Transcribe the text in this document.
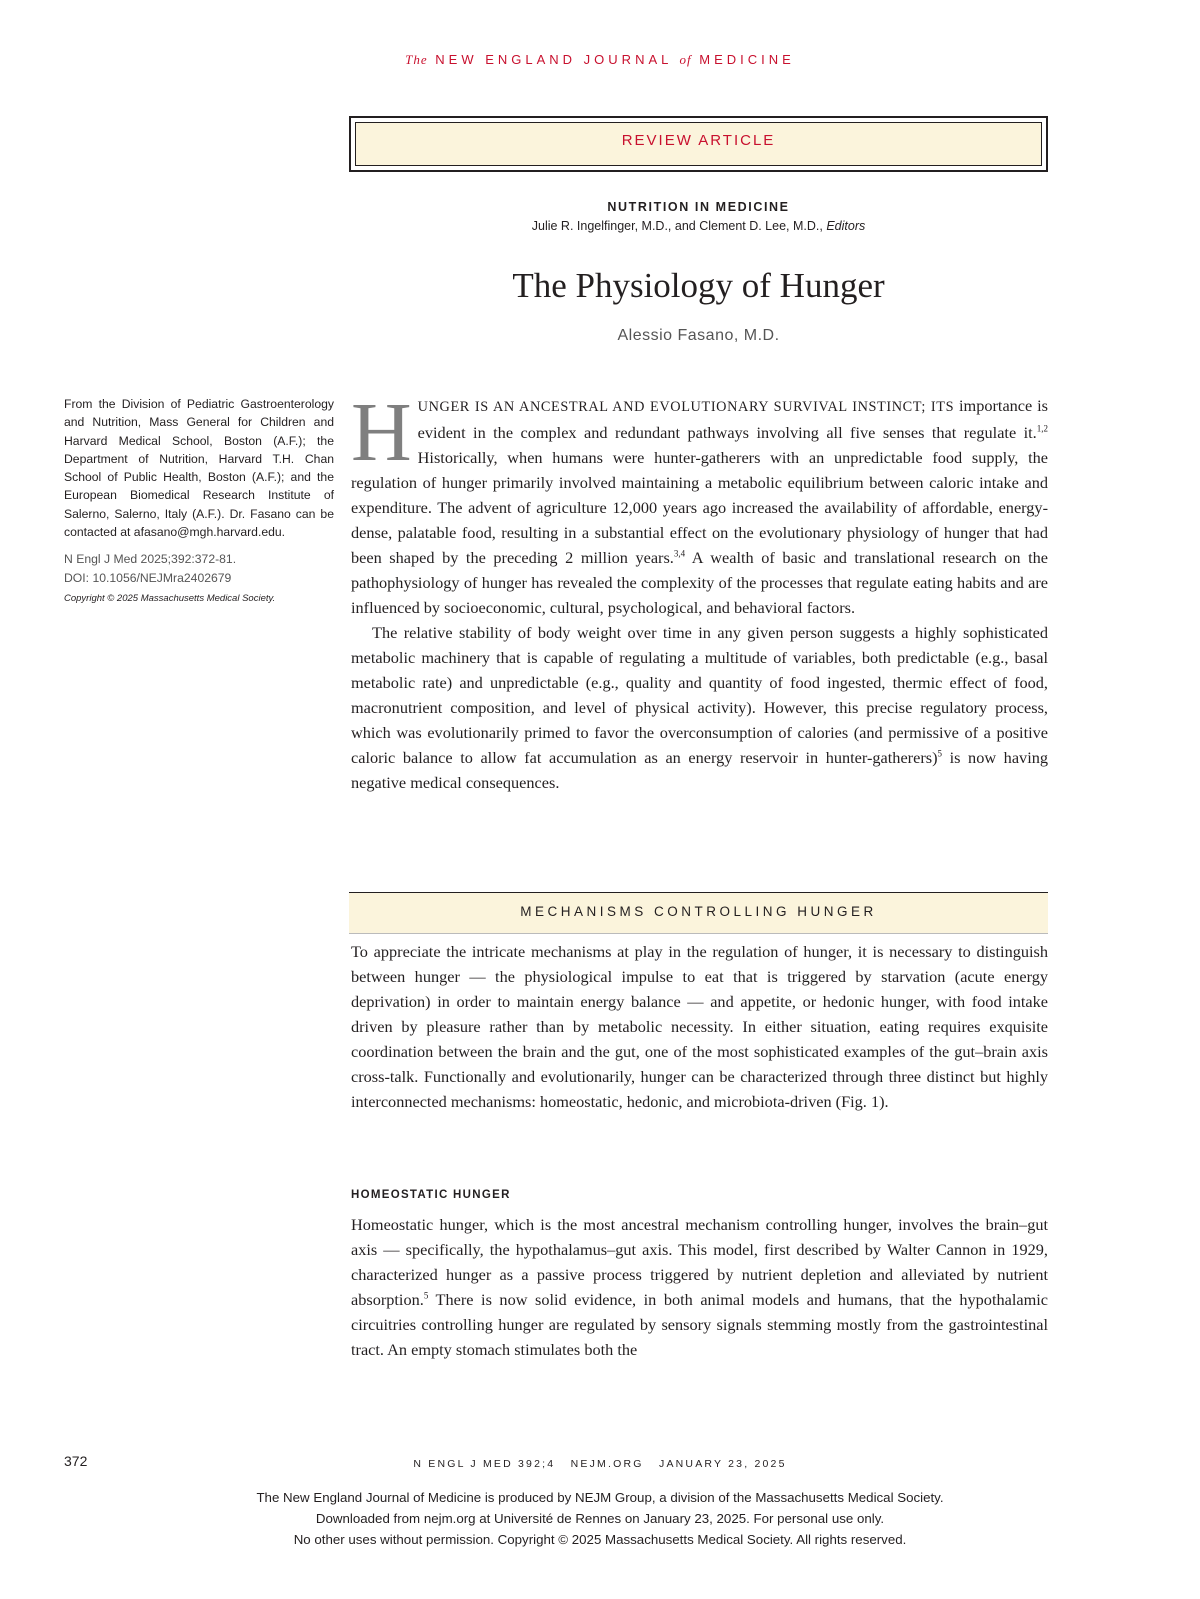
The NEW ENGLAND JOURNAL of MEDICINE
REVIEW ARTICLE
NUTRITION IN MEDICINE
Julie R. Ingelfinger, M.D., and Clement D. Lee, M.D., Editors
The Physiology of Hunger
Alessio Fasano, M.D.

From the Division of Pediatric Gastroenterology and Nutrition, Mass General for Children and Harvard Medical School, Boston (A.F.); the Department of Nutrition, Harvard T.H. Chan School of Public Health, Boston (A.F.); and the European Biomedical Research Institute of Salerno, Salerno, Italy (A.F.). Dr. Fasano can be contacted at afasano@mgh.harvard.edu.

N Engl J Med 2025;392:372-81.

DOI: 10.1056/NEJMra2402679

Copyright © 2025 Massachusetts Medical Society.

HUNGER IS AN ANCESTRAL AND EVOLUTIONARY SURVIVAL INSTINCT; ITS importance is evident in the complex and redundant pathways involving all five senses that regulate it.$^{1,2}$ Historically, when humans were hunter-gatherers with an unpredictable food supply, the regulation of hunger primarily involved maintaining a metabolic equilibrium between caloric intake and expenditure. The advent of agriculture 12,000 years ago increased the availability of affordable, energy-dense, palatable food, resulting in a substantial effect on the evolutionary physiology of hunger that had been shaped by the preceding 2 million years.$^{3,4}$ A wealth of basic and translational research on the pathophysiology of hunger has revealed the complexity of the processes that regulate eating habits and are influenced by socioeconomic, cultural, psychological, and behavioral factors.

The relative stability of body weight over time in any given person suggests a highly sophisticated metabolic machinery that is capable of regulating a multitude of variables, both predictable (e.g., basal metabolic rate) and unpredictable (e.g., quality and quantity of food ingested, thermic effect of food, macronutrient composition, and level of physical activity). However, this precise regulatory process, which was evolutionarily primed to favor the overconsumption of calories (and permissive of a positive caloric balance to allow fat accumulation as an energy reservoir in hunter-gatherers)$^5$ is now having negative medical consequences.

MECHANISMS CONTROLLING HUNGER

To appreciate the intricate mechanisms at play in the regulation of hunger, it is necessary to distinguish between hunger — the physiological impulse to eat that is triggered by starvation (acute energy deprivation) in order to maintain energy balance — and appetite, or hedonic hunger, with food intake driven by pleasure rather than by metabolic necessity. In either situation, eating requires exquisite coordination between the brain and the gut, one of the most sophisticated examples of the gut–brain axis cross-talk. Functionally and evolutionarily, hunger can be characterized through three distinct but highly interconnected mechanisms: homeostatic, hedonic, and microbiota-driven (Fig. 1).

HOMEOSTATIC HUNGER

Homeostatic hunger, which is the most ancestral mechanism controlling hunger, involves the brain–gut axis — specifically, the hypothalamus–gut axis. This model, first described by Walter Cannon in 1929, characterized hunger as a passive process triggered by nutrient depletion and alleviated by nutrient absorption.$^5$ There is now solid evidence, in both animal models and humans, that the hypothalamic circuitries controlling hunger are regulated by sensory signals stemming mostly from the gastrointestinal tract. An empty stomach stimulates both the

372	N ENGL J MED 392;4   NEJM.ORG   JANUARY 23, 2025
The New England Journal of Medicine is produced by NEJM Group, a division of the Massachusetts Medical Society.
Downloaded from nejm.org at Université de Rennes on January 23, 2025. For personal use only.
No other uses without permission. Copyright © 2025 Massachusetts Medical Society. All rights reserved.
